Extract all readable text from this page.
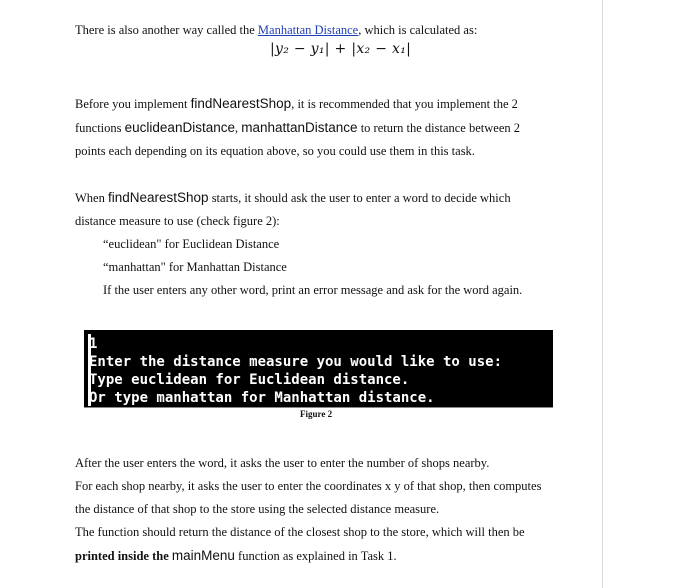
There is also another way called the Manhattan Distance, which is calculated as:

|y₂ − y₁| + |x₂ − x₁|

Before you implement findNearestShop, it is recommended that you implement the 2

functions euclideanDistance, manhattanDistance to return the distance between 2

points each depending on its equation above, so you could use them in this task.

When findNearestShop starts, it should ask the user to enter a word to decide which

distance measure to use (check figure 2):

“euclidean" for Euclidean Distance

“manhattan" for Manhattan Distance

If the user enters any other word, print an error message and ask for the word again.

1
Enter the distance measure you would like to use:
Type euclidean for Euclidean distance.
Or type manhattan for Manhattan distance.
Figure 2

After the user enters the word, it asks the user to enter the number of shops nearby.

For each shop nearby, it asks the user to enter the coordinates x y of that shop, then computes

the distance of that shop to the store using the selected distance measure.

The function should return the distance of the closest shop to the store, which will then be

printed inside the mainMenu function as explained in Task 1.
